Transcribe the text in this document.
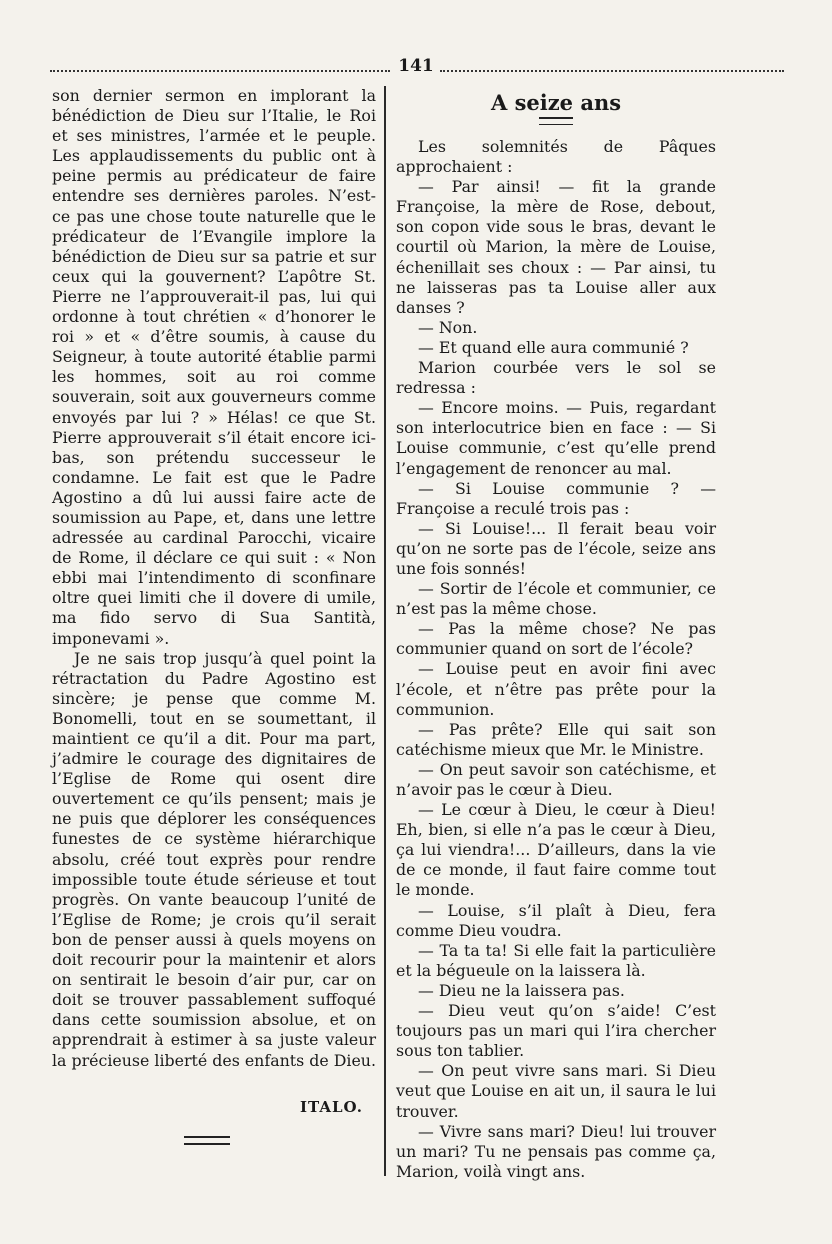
141

son dernier sermon en implorant la bénédiction de Dieu sur l’Italie, le Roi et ses ministres, l’armée et le peuple. Les applaudissements du public ont à peine permis au prédicateur de faire entendre ses dernières paroles. N’est-ce pas une chose toute naturelle que le prédicateur de l’Evangile implore la bénédiction de Dieu sur sa patrie et sur ceux qui la gouvernent? L’apôtre St. Pierre ne l’approuverait-il pas, lui qui ordonne à tout chrétien « d’honorer le roi » et « d’être soumis, à cause du Seigneur, à toute autorité établie parmi les hommes, soit au roi comme souverain, soit aux gouverneurs comme envoyés par lui ? » Hélas! ce que St. Pierre approuverait s’il était encore ici-bas, son prétendu successeur le condamne. Le fait est que le Padre Agostino a dû lui aussi faire acte de soumission au Pape, et, dans une lettre adressée au cardinal Parocchi, vicaire de Rome, il déclare ce qui suit : « Non ebbi mai l’intendimento di sconfinare oltre quei limiti che il dovere di umile, ma fido servo di Sua Santità, imponevami ».

Je ne sais trop jusqu’à quel point la rétractation du Padre Agostino est sincère; je pense que comme M. Bonomelli, tout en se soumettant, il maintient ce qu’il a dit. Pour ma part, j’admire le courage des dignitaires de l’Eglise de Rome qui osent dire ouvertement ce qu’ils pensent; mais je ne puis que déplorer les conséquences funestes de ce système hiérarchique absolu, créé tout exprès pour rendre impossible toute étude sérieuse et tout progrès. On vante beaucoup l’unité de l’Eglise de Rome; je crois qu’il serait bon de penser aussi à quels moyens on doit recourir pour la maintenir et alors on sentirait le besoin d’air pur, car on doit se trouver passablement suffoqué dans cette soumission absolue, et on apprendrait à estimer à sa juste valeur la précieuse liberté des enfants de Dieu.

ITALO.
A seize ans

Les solemnités de Pâques approchaient :

— Par ainsi! — fit la grande Françoise, la mère de Rose, debout, son copon vide sous le bras, devant le courtil où Marion, la mère de Louise, échenillait ses choux : — Par ainsi, tu ne laisseras pas ta Louise aller aux danses ?

— Non.

— Et quand elle aura communié ?

Marion courbée vers le sol se redressa :

— Encore moins. — Puis, regardant son interlocutrice bien en face : — Si Louise communie, c’est qu’elle prend l’engagement de renoncer au mal.

— Si Louise communie ? — Françoise a reculé trois pas :

— Si Louise!... Il ferait beau voir qu’on ne sorte pas de l’école, seize ans une fois sonnés!

— Sortir de l’école et communier, ce n’est pas la même chose.

— Pas la même chose? Ne pas communier quand on sort de l’école?

— Louise peut en avoir fini avec l’école, et n’être pas prête pour la communion.

— Pas prête? Elle qui sait son catéchisme mieux que Mr. le Ministre.

— On peut savoir son catéchisme, et n’avoir pas le cœur à Dieu.

— Le cœur à Dieu, le cœur à Dieu! Eh, bien, si elle n’a pas le cœur à Dieu, ça lui viendra!... D’ailleurs, dans la vie de ce monde, il faut faire comme tout le monde.

— Louise, s’il plaît à Dieu, fera comme Dieu voudra.

— Ta ta ta! Si elle fait la particulière et la bégueule on la laissera là.

— Dieu ne la laissera pas.

— Dieu veut qu’on s’aide! C’est toujours pas un mari qui l’ira chercher sous ton tablier.

— On peut vivre sans mari. Si Dieu veut que Louise en ait un, il saura le lui trouver.

— Vivre sans mari? Dieu! lui trouver un mari? Tu ne pensais pas comme ça, Marion, voilà vingt ans.
